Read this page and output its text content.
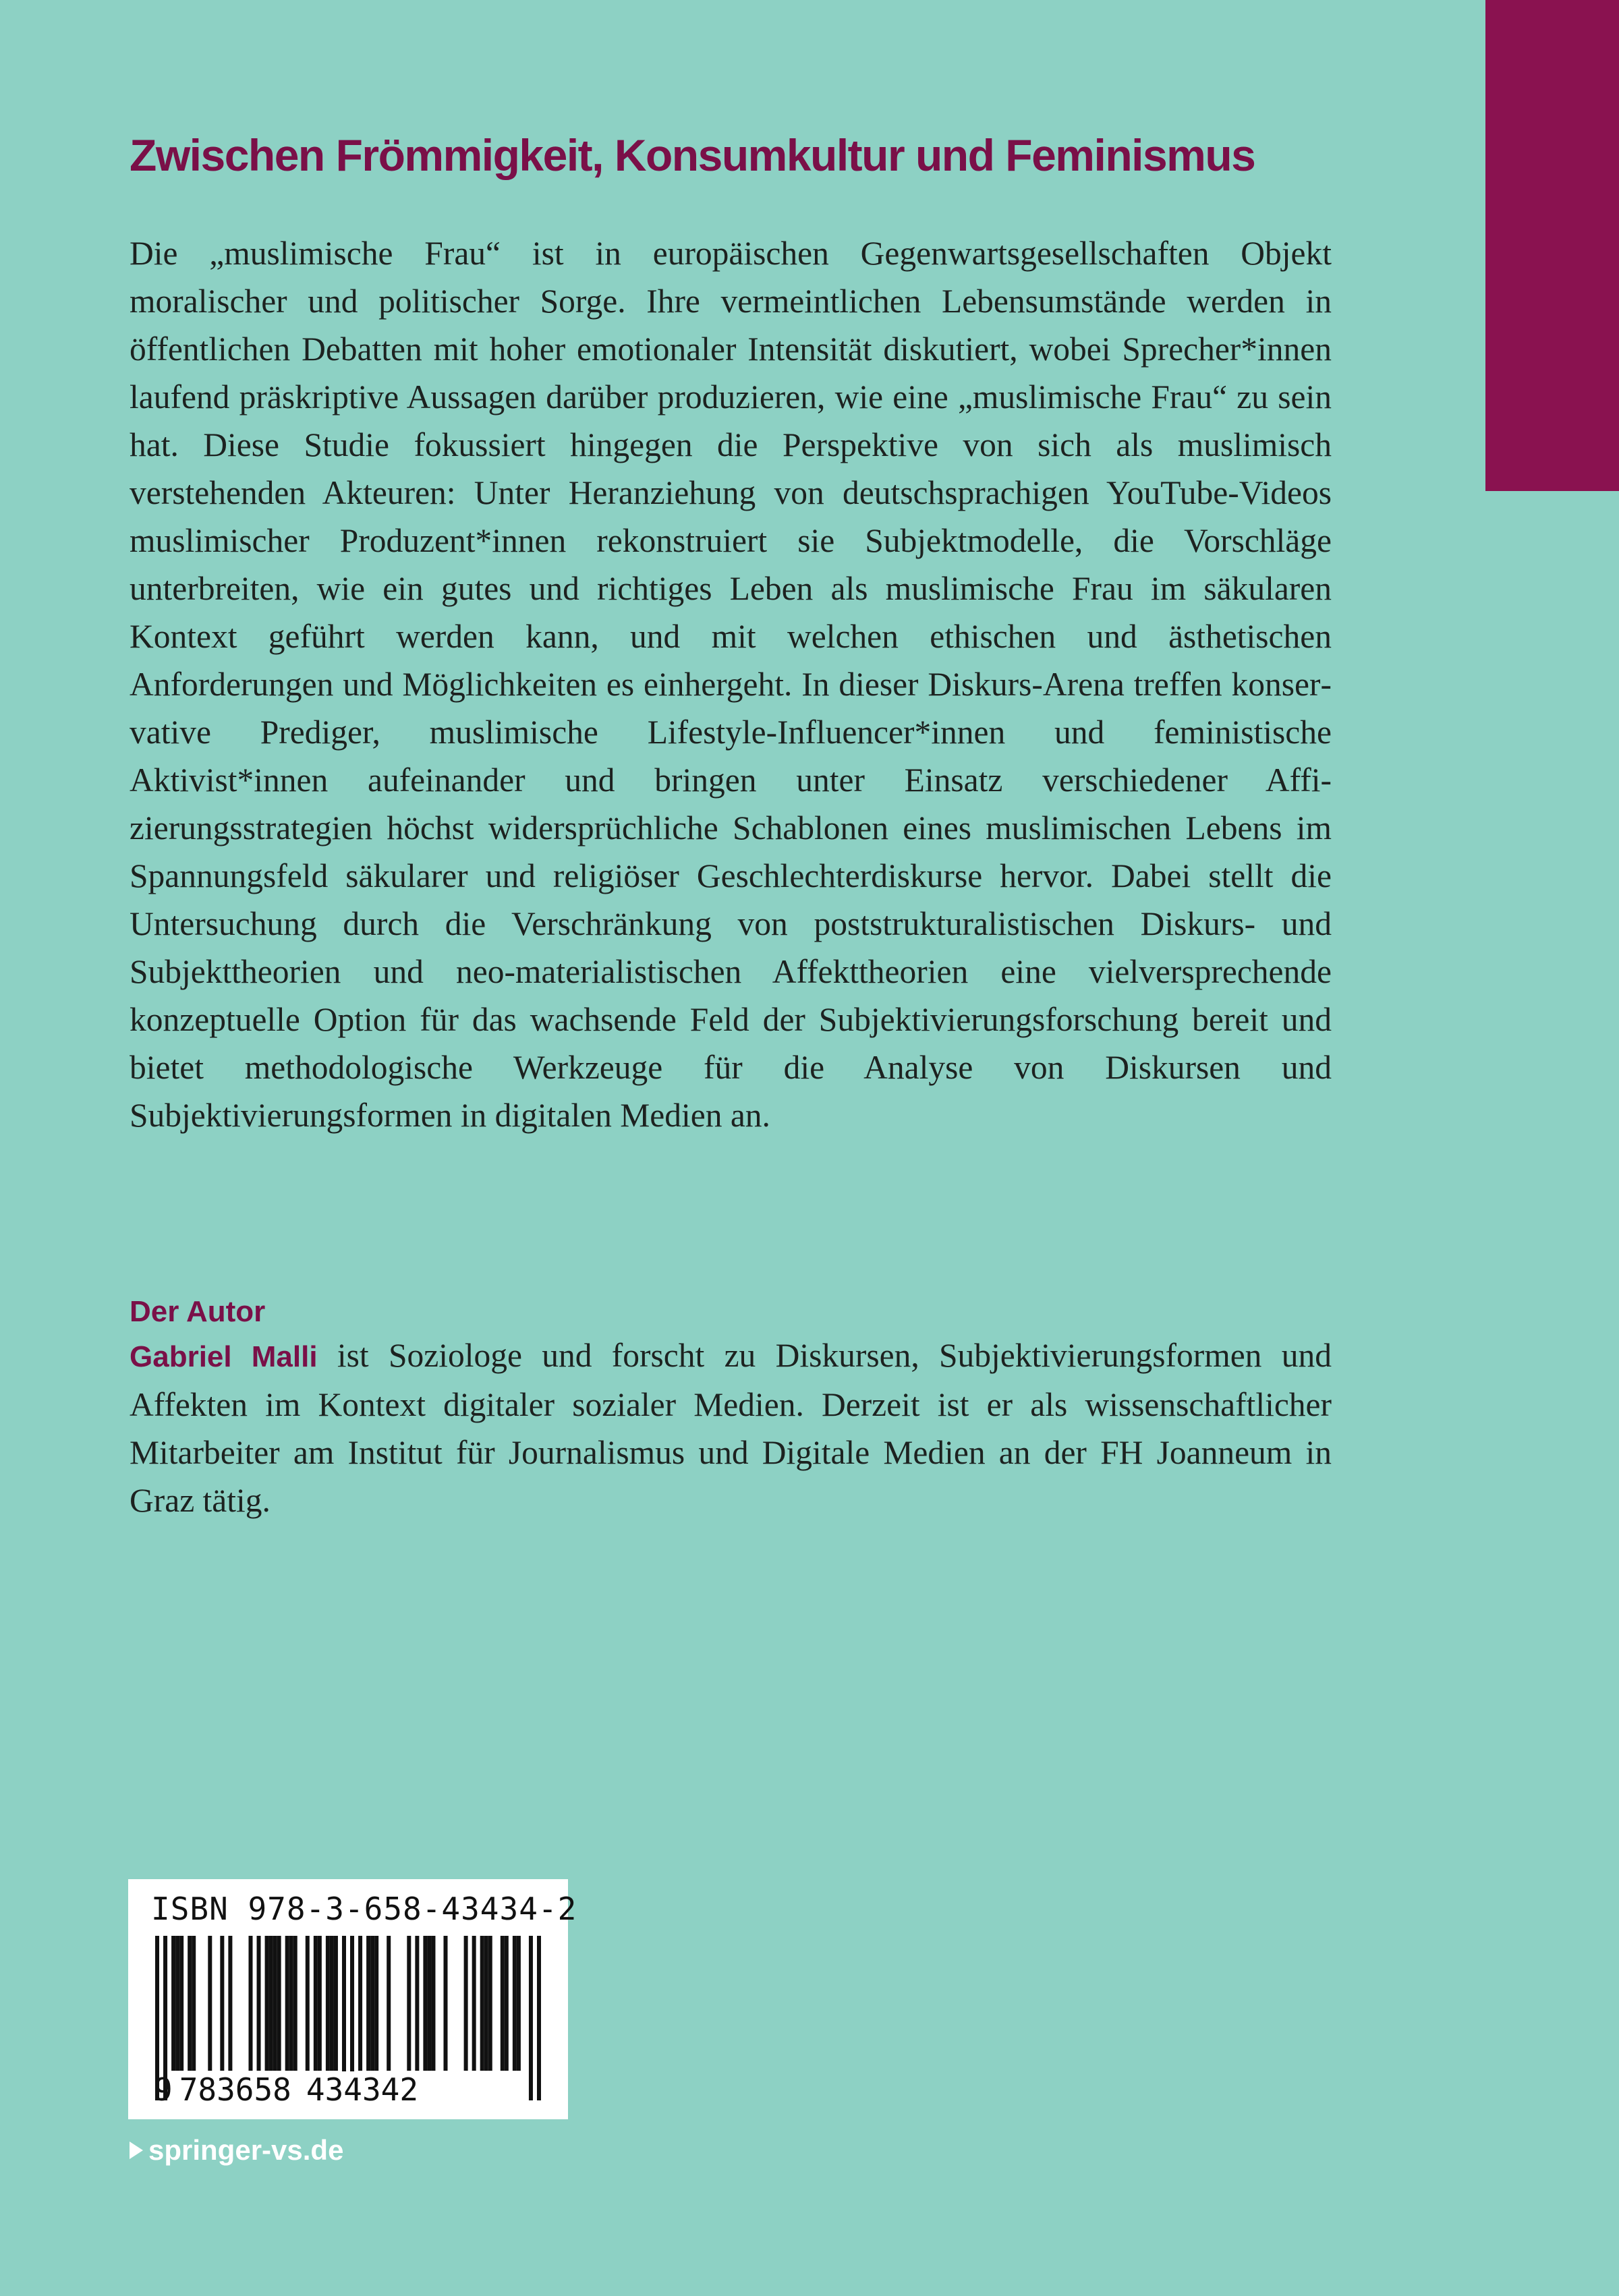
Zwischen Frömmigkeit, Konsumkultur und Feminismus

Die „muslimische Frau“ ist in europäischen Gegenwartsgesellschaften Objekt moralischer und politischer Sorge. Ihre vermeintlichen Lebensumstände werden in öffentlichen Debatten mit hoher emotionaler Intensität diskutiert, wobei Sprecher*innen laufend präskriptive Aussagen darüber produzieren, wie eine „muslimische Frau“ zu sein hat. Diese Studie fokussiert hingegen die Perspektive von sich als muslimisch verstehenden Akteuren: Unter Heranziehung von deutschsprachigen YouTube-Videos muslimischer Produzent*innen rekonstruiert sie Subjektmodelle, die Vorschläge unterbreiten, wie ein gutes und richtiges Leben als muslimische Frau im säkularen Kontext geführt werden kann, und mit welchen ethischen und ästhetischen Anforderungen und Möglichkeiten es einhergeht. In dieser Diskurs-Arena treffen konservative Prediger, muslimische Lifestyle-Influencer*innen und feministische Aktivist*innen aufeinander und bringen unter Einsatz verschiedener Affizierungsstrategien höchst widersprüchliche Schablonen eines muslimischen Lebens im Spannungsfeld säkularer und religiöser Geschlechterdiskurse hervor. Dabei stellt die Untersuchung durch die Verschränkung von poststrukturalistischen Diskurs- und Subjekttheorien und neo-materialistischen Affekttheorien eine vielversprechende konzeptuelle Option für das wachsende Feld der Subjektivierungsforschung bereit und bietet methodologische Werkzeuge für die Analyse von Diskursen und Subjektivierungsformen in digitalen Medien an.

Der Autor

Gabriel Malli ist Soziologe und forscht zu Diskursen, Subjektivierungsformen und Affekten im Kontext digitaler sozialer Medien. Derzeit ist er als wissenschaftlicher Mitarbeiter am Institut für Journalismus und Digitale Medien an der FH Joanneum in Graz tätig.

ISBN 978-3-658-43434-2
9 783658 434342
springer-vs.de
